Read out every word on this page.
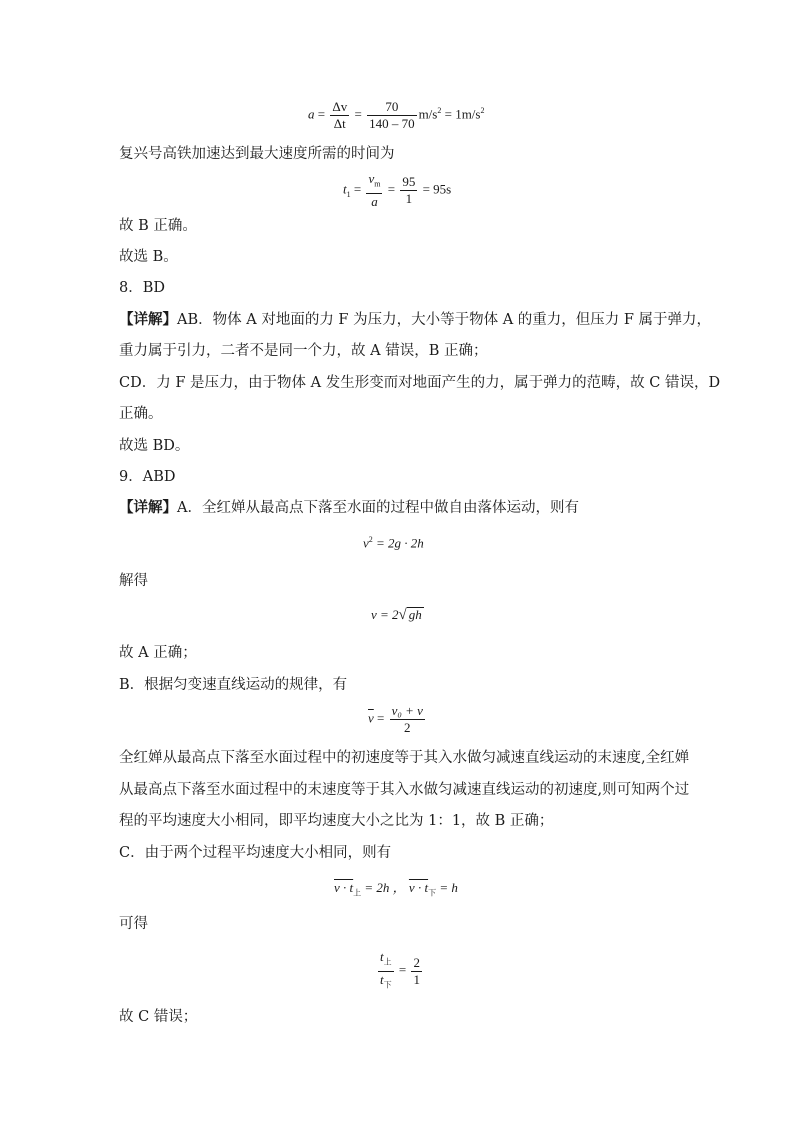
$a = \frac{\Delta v}{\Delta t} = \frac{70}{140 - 70} m/s^2 = 1m/s^2$
复兴号高铁加速达到最大速度所需的时间为
$t_1 = \frac{v_m}{a} = \frac{95}{1} = 95s$
故 B 正确。
故选 B。
8．BD
【详解】AB．物体 A 对地面的力 F 为压力，大小等于物体 A 的重力，但压力 F 属于弹力，
重力属于引力，二者不是同一个力，故 A 错误，B 正确；
CD．力 F 是压力，由于物体 A 发生形变而对地面产生的力，属于弹力的范畴，故 C 错误，D
正确。
故选 BD。
9．ABD
【详解】A．全红婵从最高点下落至水面的过程中做自由落体运动，则有
$v^2 = 2g \cdot 2h$
解得
v = 2√ gh
故 A 正确；
B．根据匀变速直线运动的规律，有
$\overline{v} = \frac{\text{v₀ + v}}{2}$
全红婵从最高点下落至水面过程中的初速度等于其入水做匀减速直线运动的末速度,全红婵
从最高点下落至水面过程中的末速度等于其入水做匀减速直线运动的初速度,则可知两个过
程的平均速度大小相同，即平均速度大小之比为 1：1，故 B 正确；
C．由于两个过程平均速度大小相同，则有
$v \cdot t_上 = 2h$ ， $v \cdot t_下 = h$
可得
$\frac{t_上}{t_下} = \frac{2}{1}$
故 C 错误；
